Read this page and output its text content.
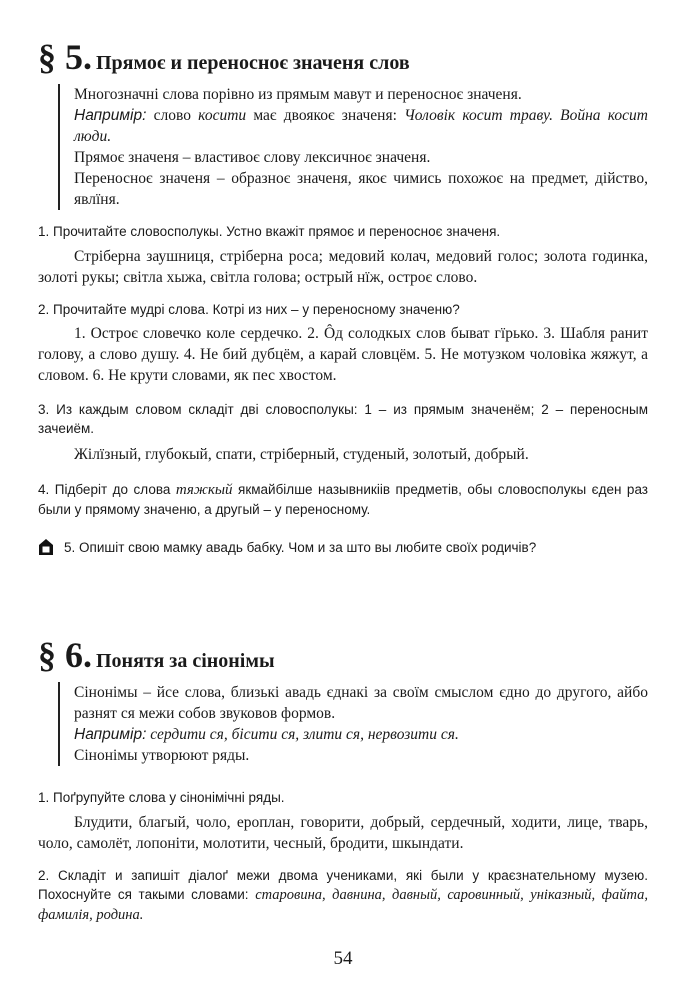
§ 5. Прямоє и переносноє значеня слов

Многозначні слова порівно из прямым мавут и переносноє значеня.

Напримір: слово косити має двоякоє значеня: Чоловік косит траву. Война косит люди.

Прямоє значеня – властивоє слову лексичноє значеня.

Переносноє значеня – образноє значеня, якоє чимись похожоє на предмет, дійство, явлїня.

1. Прочитайте словосполукы. Устно вкажіт прямоє и переносноє значеня.
Стріберна заушниця, стріберна роса; медовий колач, медовий голос; золота годинка, золоті рукы; світла хыжа, світла голова; острый нїж, остроє слово.
2. Прочитайте мудрі слова. Котрі из них – у переносному значеню?
1. Остроє словечко коле сердечко. 2. Ôд солодкых слов быват гїрько. 3. Шабля ранит голову, а слово душу. 4. Не бий дубцём, а карай словцём. 5. Не мотузком чоловіка жяжут, а словом. 6. Не крути словами, як пес хвостом.
3. Из каждым словом складіт дві словосполукы: 1 – из прямым значенём; 2 – переносным зачеиём.
Жілїзный, глубокый, спати, стріберный, студеный, золотый, добрый.
4. Підберіт до слова тяжкый якмайбілше назывникіів предметів, обы словосполукы єден раз были у прямому значеню, а другый – у переносному.
5. Опишіт свою мамку авадь бабку. Чом и за што вы любите своїх родичів?
§ 6. Понятя за сінонімы

Сінонімы – йсе слова, близькі авадь єднакі за своїм смыслом єдно до другого, айбо разнят ся межи собов звуковов формов.

Напримір: сердити ся, бісити ся, злити ся, нервозити ся.

Сінонімы утворюют ряды.

1. Поґрупуйте слова у сінонімічні ряды.
Блудити, благый, чоло, ероплан, говорити, добрый, сердечный, ходити, лице, тварь, чоло, самолёт, лопоніти, молотити, чесный, бродити, шкындати.
2. Складіт и запишіт діалоґ межи двома учениками, які были у краєзнательному музею. Похоснуйте ся такыми словами: старовина, давнина, давный, саровинный, уніказный, файта, фамилія, родина.
54
